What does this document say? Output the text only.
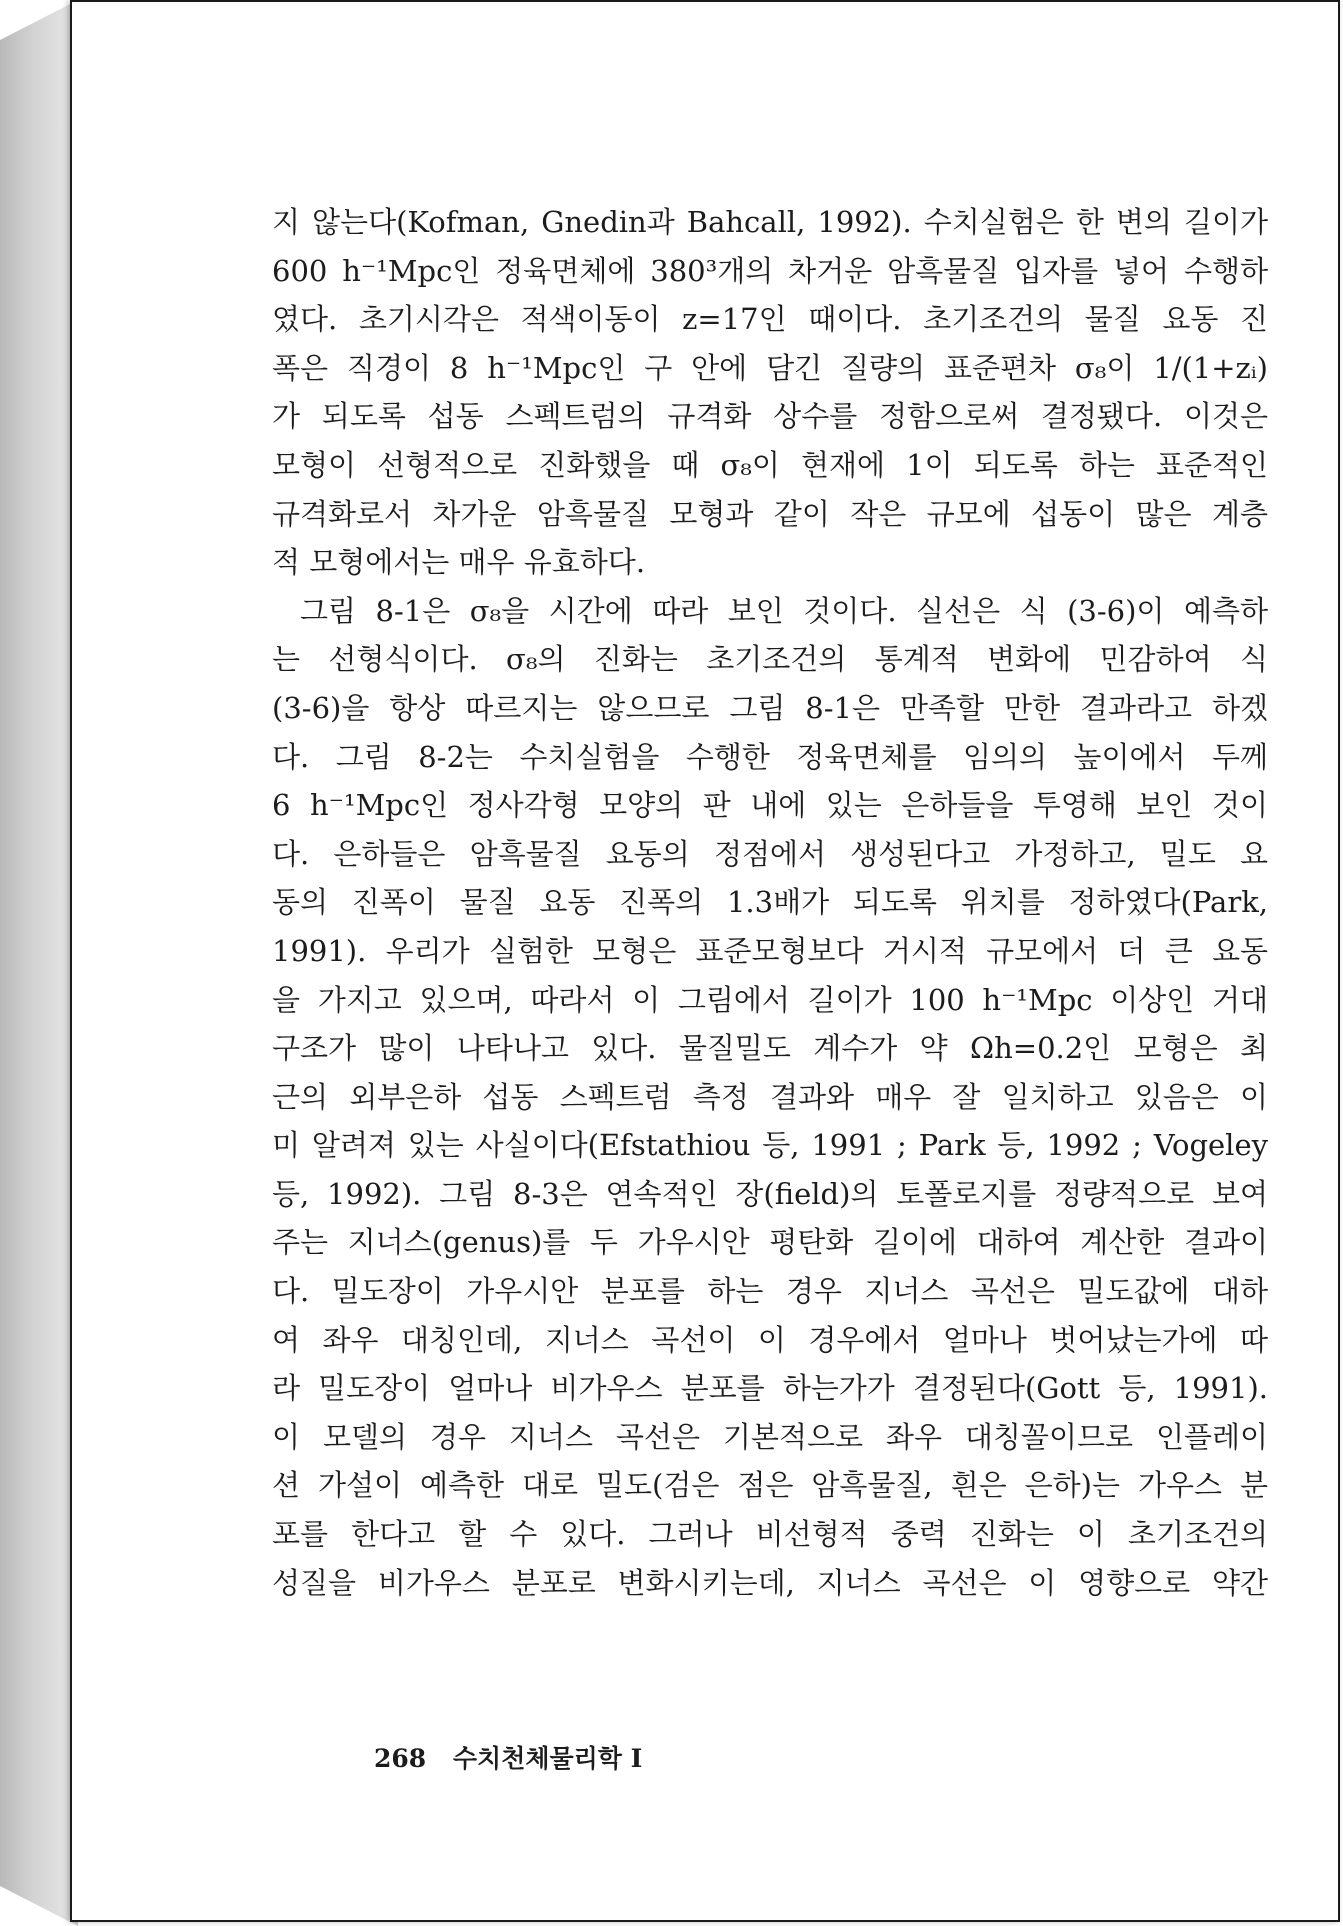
지 않는다(Kofman, Gnedin과 Bahcall, 1992). 수치실험은 한 변의 길이가
600 h⁻¹Mpc인 정육면체에 380³개의 차거운 암흑물질 입자를 넣어 수행하
였다. 초기시각은 적색이동이 z=17인 때이다. 초기조건의 물질 요동 진
폭은 직경이 8 h⁻¹Mpc인 구 안에 담긴 질량의 표준편차 σ₈이 1/(1+zᵢ)
가 되도록 섭동 스펙트럼의 규격화 상수를 정함으로써 결정됐다. 이것은
모형이 선형적으로 진화했을 때 σ₈이 현재에 1이 되도록 하는 표준적인
규격화로서 차가운 암흑물질 모형과 같이 작은 규모에 섭동이 많은 계층
적 모형에서는 매우 유효하다.
그림 8-1은 σ₈을 시간에 따라 보인 것이다. 실선은 식 (3-6)이 예측하
는 선형식이다. σ₈의 진화는 초기조건의 통계적 변화에 민감하여 식
(3-6)을 항상 따르지는 않으므로 그림 8-1은 만족할 만한 결과라고 하겠
다. 그림 8-2는 수치실험을 수행한 정육면체를 임의의 높이에서 두께
6 h⁻¹Mpc인 정사각형 모양의 판 내에 있는 은하들을 투영해 보인 것이
다. 은하들은 암흑물질 요동의 정점에서 생성된다고 가정하고, 밀도 요
동의 진폭이 물질 요동 진폭의 1.3배가 되도록 위치를 정하였다(Park,
1991). 우리가 실험한 모형은 표준모형보다 거시적 규모에서 더 큰 요동
을 가지고 있으며, 따라서 이 그림에서 길이가 100 h⁻¹Mpc 이상인 거대
구조가 많이 나타나고 있다. 물질밀도 계수가 약 Ωh=0.2인 모형은 최
근의 외부은하 섭동 스펙트럼 측정 결과와 매우 잘 일치하고 있음은 이
미 알려져 있는 사실이다(Efstathiou 등, 1991 ; Park 등, 1992 ; Vogeley
등, 1992). 그림 8-3은 연속적인 장(field)의 토폴로지를 정량적으로 보여
주는 지너스(genus)를 두 가우시안 평탄화 길이에 대하여 계산한 결과이
다. 밀도장이 가우시안 분포를 하는 경우 지너스 곡선은 밀도값에 대하
여 좌우 대칭인데, 지너스 곡선이 이 경우에서 얼마나 벗어났는가에 따
라 밀도장이 얼마나 비가우스 분포를 하는가가 결정된다(Gott 등, 1991).
이 모델의 경우 지너스 곡선은 기본적으로 좌우 대칭꼴이므로 인플레이
션 가설이 예측한 대로 밀도(검은 점은 암흑물질, 흰은 은하)는 가우스 분
포를 한다고 할 수 있다. 그러나 비선형적 중력 진화는 이 초기조건의
성질을 비가우스 분포로 변화시키는데, 지너스 곡선은 이 영향으로 약간
268 수치천체물리학 I
